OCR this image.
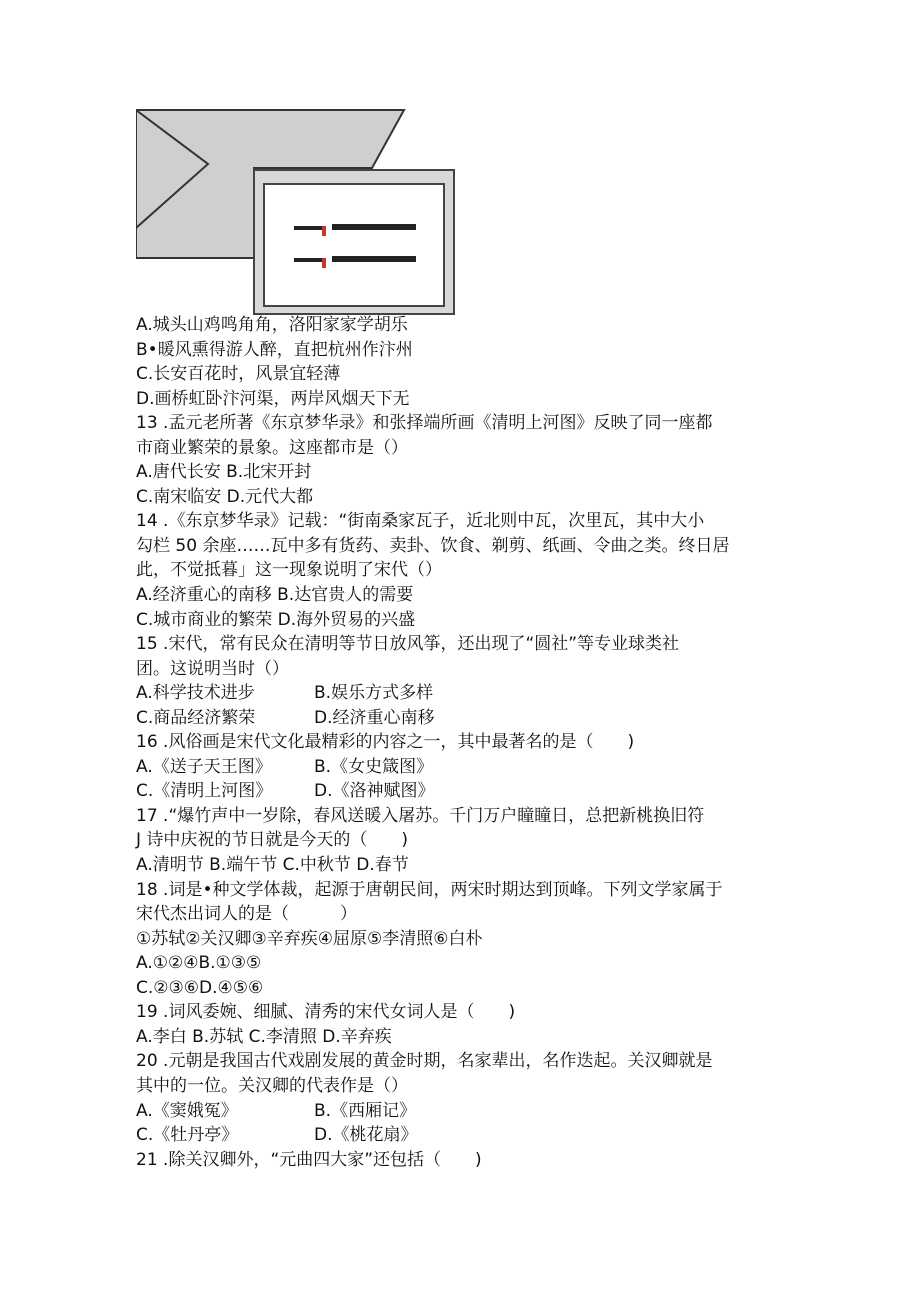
A.城头山鸡鸣角角，洛阳家家学胡乐
B•暖风熏得游人醉，直把杭州作汴州
C.长安百花时，风景宜轻薄
D.画桥虹卧汴河渠，两岸风烟天下无
13 .孟元老所著《东京梦华录》和张择端所画《清明上河图》反映了同一座都
市商业繁荣的景象。这座都市是（）
A.唐代长安 B.北宋开封
C.南宋临安 D.元代大都
14 .《东京梦华录》记载：“街南桑家瓦子，近北则中瓦，次里瓦，其中大小
勾栏 50 余座……瓦中多有货药、卖卦、饮食、剃剪、纸画、令曲之类。终日居
此，不觉抵暮」这一现象说明了宋代（）
A.经济重心的南移 B.达官贵人的需要
C.城市商业的繁荣 D.海外贸易的兴盛
15 .宋代，常有民众在清明等节日放风筝，还出现了“圆社”等专业球类社
团。这说明当时（）
A.科学技术进步	B.娱乐方式多样
C.商品经济繁荣	D.经济重心南移
16 .风俗画是宋代文化最精彩的内容之一，其中最著名的是（　　)
A.《送子天王图》 B.《女史箴图》
C.《清明上河图》 D.《洛神赋图》
17 .“爆竹声中一岁除，春风送暖入屠苏。千门万户瞳瞳日，总把新桃换旧符
J 诗中庆祝的节日就是今天的（　　)
A.清明节 B.端午节 C.中秋节 D.春节
18 .词是•种文学体裁，起源于唐朝民间，两宋时期达到顶峰。下列文学家属于
宋代杰出词人的是（　　　）
①苏轼②关汉卿③辛弃疾④屈原⑤李清照⑥白朴
A.①②④B.①③⑤
C.②③⑥D.④⑤⑥
19 .词风委婉、细腻、清秀的宋代女词人是（　　)
A.李白 B.苏轼 C.李清照 D.辛弃疾
20 .元朝是我国古代戏剧发展的黄金时期，名家辈出，名作迭起。关汉卿就是
其中的一位。关汉卿的代表作是（）
A.《窦娥冤》	B.《西厢记》
C.《牡丹亭》	D.《桃花扇》
21 .除关汉卿外，“元曲四大家”还包括（　　)
